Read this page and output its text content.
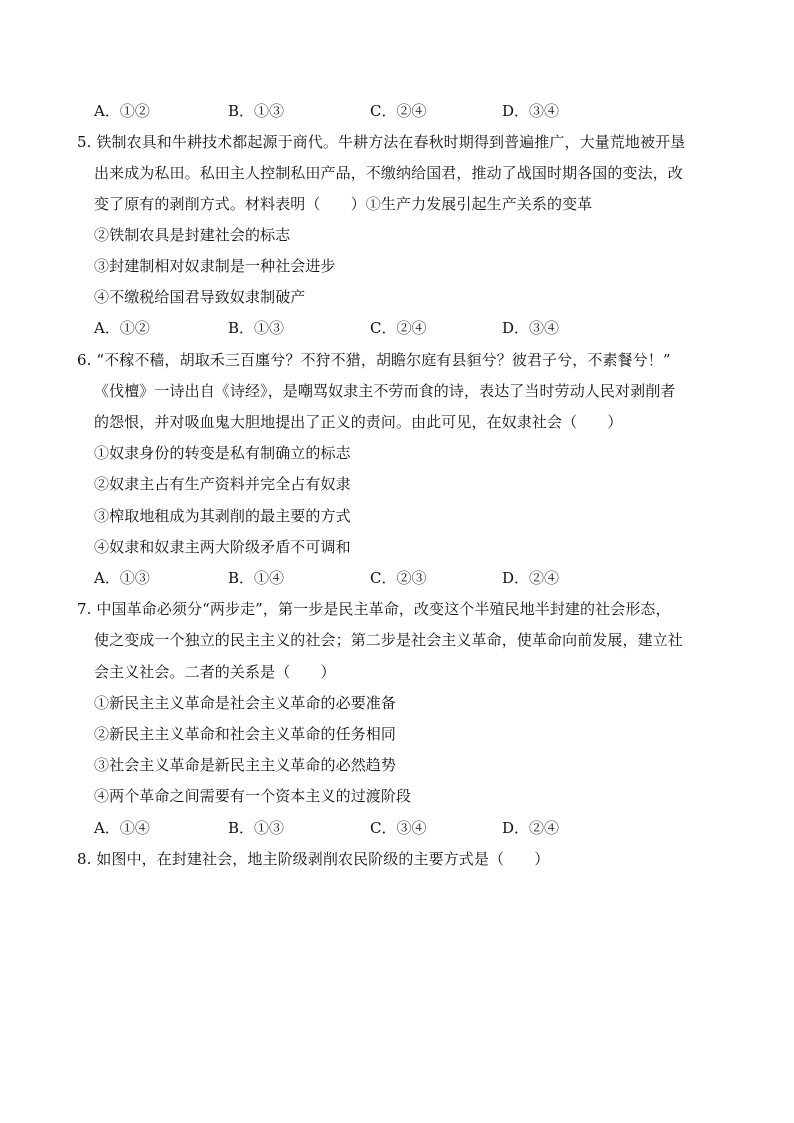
A．①②	B．①③	C．②④	D．③④
5. 铁制农具和牛耕技术都起源于商代。牛耕方法在春秋时期得到普遍推广，大量荒地被开垦
出来成为私田。私田主人控制私田产品，不缴纳给国君，推动了战国时期各国的变法，改
变了原有的剥削方式。材料表明（　　）①生产力发展引起生产关系的变革
②铁制农具是封建社会的标志
③封建制相对奴隶制是一种社会进步
④不缴税给国君导致奴隶制破产
A．①②	B．①③	C．②④	D．③④
6. “不稼不穑，胡取禾三百廛兮？不狩不猎，胡瞻尔庭有县貆兮？彼君子兮，不素餐兮！”
《伐檀》一诗出自《诗经》，是嘲骂奴隶主不劳而食的诗，表达了当时劳动人民对剥削者
的怨恨，并对吸血鬼大胆地提出了正义的责问。由此可见，在奴隶社会（　　）
①奴隶身份的转变是私有制确立的标志
②奴隶主占有生产资料并完全占有奴隶
③榨取地租成为其剥削的最主要的方式
④奴隶和奴隶主两大阶级矛盾不可调和
A．①③	B．①④	C．②③	D．②④
7. 中国革命必须分“两步走”，第一步是民主革命，改变这个半殖民地半封建的社会形态，
使之变成一个独立的民主主义的社会；第二步是社会主义革命，使革命向前发展，建立社
会主义社会。二者的关系是（　　）
①新民主主义革命是社会主义革命的必要准备
②新民主主义革命和社会主义革命的任务相同
③社会主义革命是新民主主义革命的必然趋势
④两个革命之间需要有一个资本主义的过渡阶段
A．①④	B．①③	C．③④	D．②④
8. 如图中，在封建社会，地主阶级剥削农民阶级的主要方式是（　　）
